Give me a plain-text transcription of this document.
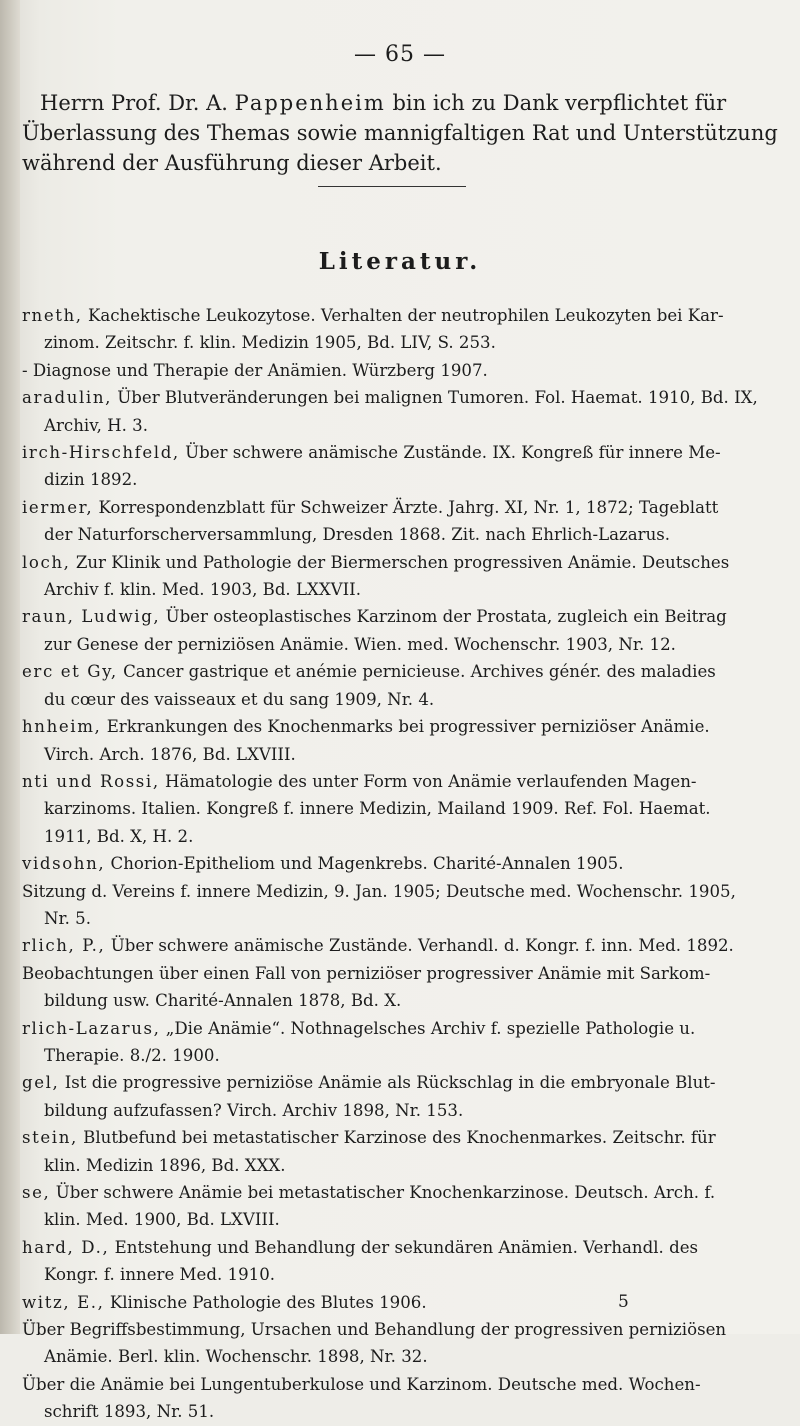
— 65 —

Herrn Prof. Dr. A. Pappenheim bin ich zu Dank verpflichtet für

Überlassung des Themas sowie mannigfaltigen Rat und Unterstützung

während der Ausführung dieser Arbeit.

Literatur.

rneth, Kachektische Leukozytose. Verhalten der neutrophilen Leukozyten bei Kar-
zinom. Zeitschr. f. klin. Medizin 1905, Bd. LIV, S. 253.

- Diagnose und Therapie der Anämien. Würzberg 1907.

aradulin, Über Blutveränderungen bei malignen Tumoren. Fol. Haemat. 1910, Bd. IX,
Archiv, H. 3.

irch-Hirschfeld, Über schwere anämische Zustände. IX. Kongreß für innere Me-
dizin 1892.

iermer, Korrespondenzblatt für Schweizer Ärzte. Jahrg. XI, Nr. 1, 1872; Tageblatt
der Naturforscherversammlung, Dresden 1868. Zit. nach Ehrlich-Lazarus.

loch, Zur Klinik und Pathologie der Biermerschen progressiven Anämie. Deutsches
Archiv f. klin. Med. 1903, Bd. LXXVII.

raun, Ludwig, Über osteoplastisches Karzinom der Prostata, zugleich ein Beitrag
zur Genese der perniziösen Anämie. Wien. med. Wochenschr. 1903, Nr. 12.

erc et Gy, Cancer gastrique et anémie pernicieuse. Archives génér. des maladies
du cœur des vaisseaux et du sang 1909, Nr. 4.

hnheim, Erkrankungen des Knochenmarks bei progressiver perniziöser Anämie.
Virch. Arch. 1876, Bd. LXVIII.

nti und Rossi, Hämatologie des unter Form von Anämie verlaufenden Magen-
karzinoms. Italien. Kongreß f. innere Medizin, Mailand 1909. Ref. Fol. Haemat.
1911, Bd. X, H. 2.

vidsohn, Chorion-Epitheliom und Magenkrebs. Charité-Annalen 1905.

Sitzung d. Vereins f. innere Medizin, 9. Jan. 1905; Deutsche med. Wochenschr. 1905,
Nr. 5.

rlich, P., Über schwere anämische Zustände. Verhandl. d. Kongr. f. inn. Med. 1892.

Beobachtungen über einen Fall von perniziöser progressiver Anämie mit Sarkom-
bildung usw. Charité-Annalen 1878, Bd. X.

rlich-Lazarus, „Die Anämie“. Nothnagelsches Archiv f. spezielle Pathologie u.
Therapie. 8./2. 1900.

gel, Ist die progressive perniziöse Anämie als Rückschlag in die embryonale Blut-
bildung aufzufassen? Virch. Archiv 1898, Nr. 153.

stein, Blutbefund bei metastatischer Karzinose des Knochenmarkes. Zeitschr. für
klin. Medizin 1896, Bd. XXX.

se, Über schwere Anämie bei metastatischer Knochenkarzinose. Deutsch. Arch. f.
klin. Med. 1900, Bd. LXVIII.

hard, D., Entstehung und Behandlung der sekundären Anämien. Verhandl. des
Kongr. f. innere Med. 1910.

witz, E., Klinische Pathologie des Blutes 1906.

Über Begriffsbestimmung, Ursachen und Behandlung der progressiven perniziösen
Anämie. Berl. klin. Wochenschr. 1898, Nr. 32.

Über die Anämie bei Lungentuberkulose und Karzinom. Deutsche med. Wochen-
schrift 1893, Nr. 51.

5
